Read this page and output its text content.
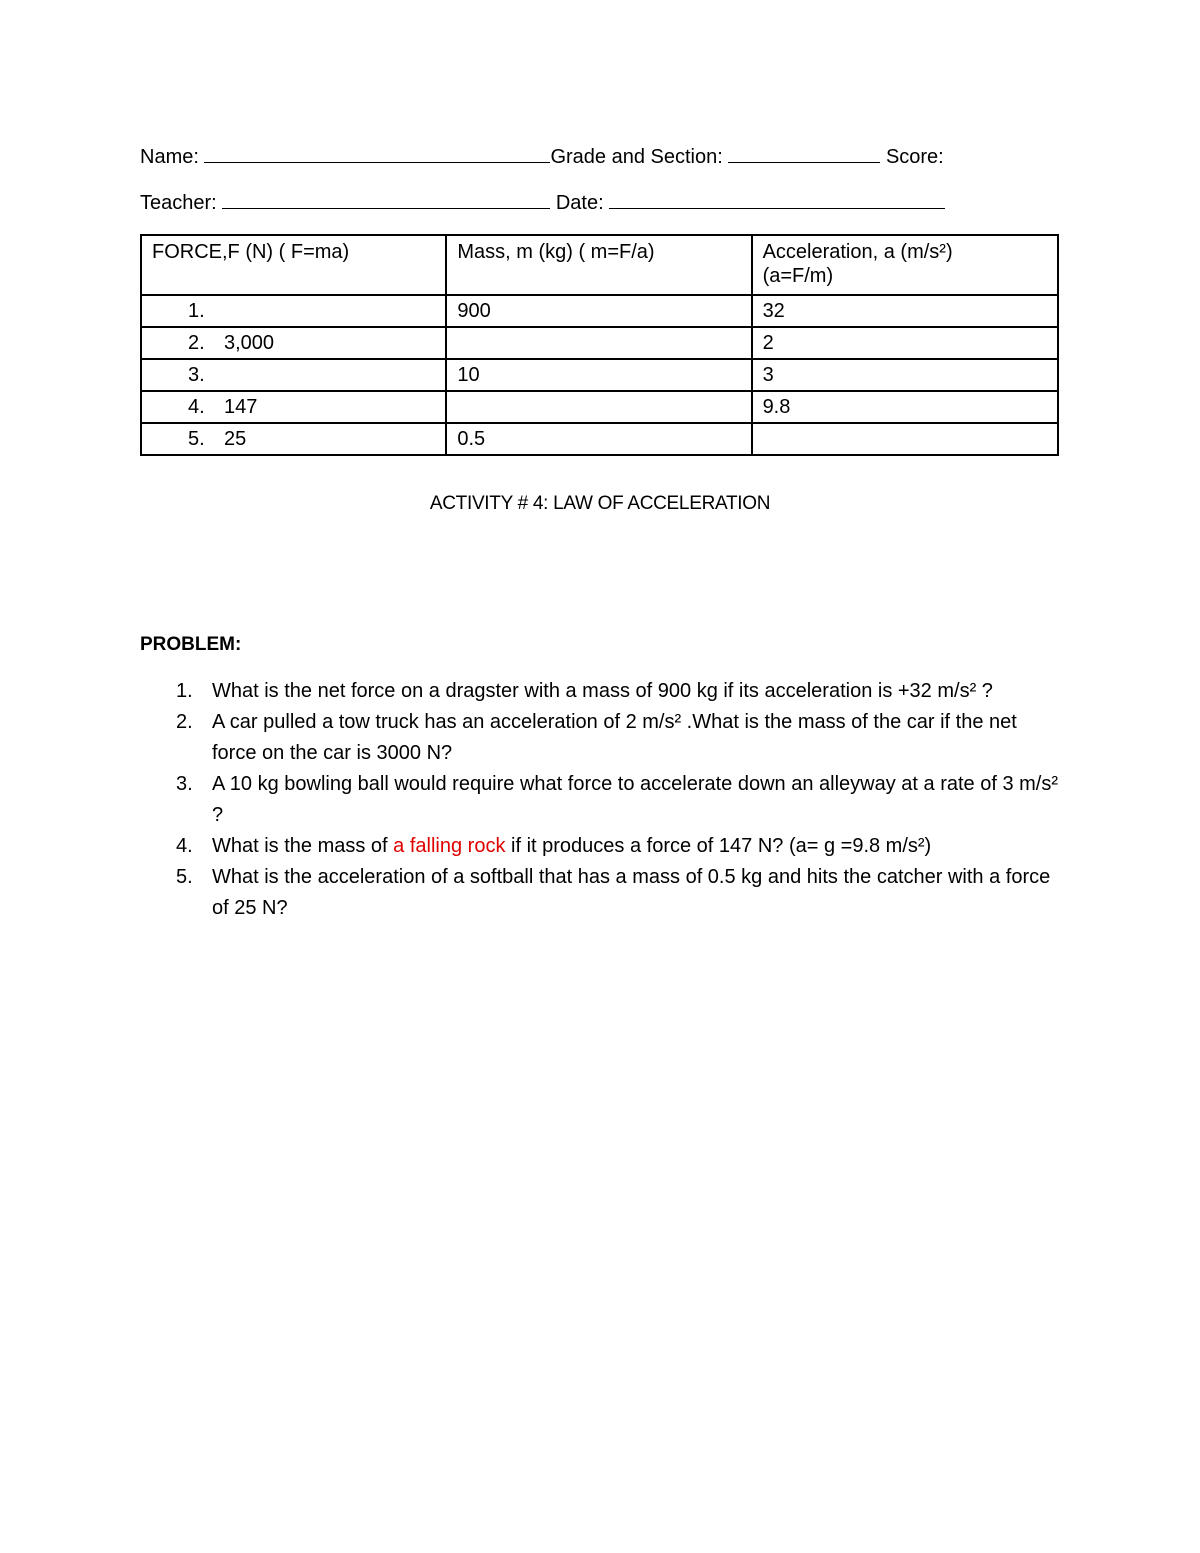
Name:	Grade and Section:	Score:
Teacher:	Date:
FORCE,F (N) ( F=ma)	Mass, m (kg) ( m=F/a)	Acceleration, a (m/s²)
(a=F/m)

1.	900	32
2. 3,000		2
3.	10	3
4. 147		9.8
5. 25	0.5	
ACTIVITY # 4: LAW OF ACCELERATION
PROBLEM:
1. What is the net force on a dragster with a mass of 900 kg if its acceleration is +32 m/s² ?
2. A car pulled a tow truck has an acceleration of 2 m/s² .What is the mass of the car if the net force on the car is 3000 N?
3. A 10 kg bowling ball would require what force to accelerate down an alleyway at a rate of 3 m/s² ?
4. What is the mass of a falling rock if it produces a force of 147 N? (a= g =9.8 m/s²)
5. What is the acceleration of a softball that has a mass of 0.5 kg and hits the catcher with a force of 25 N?
